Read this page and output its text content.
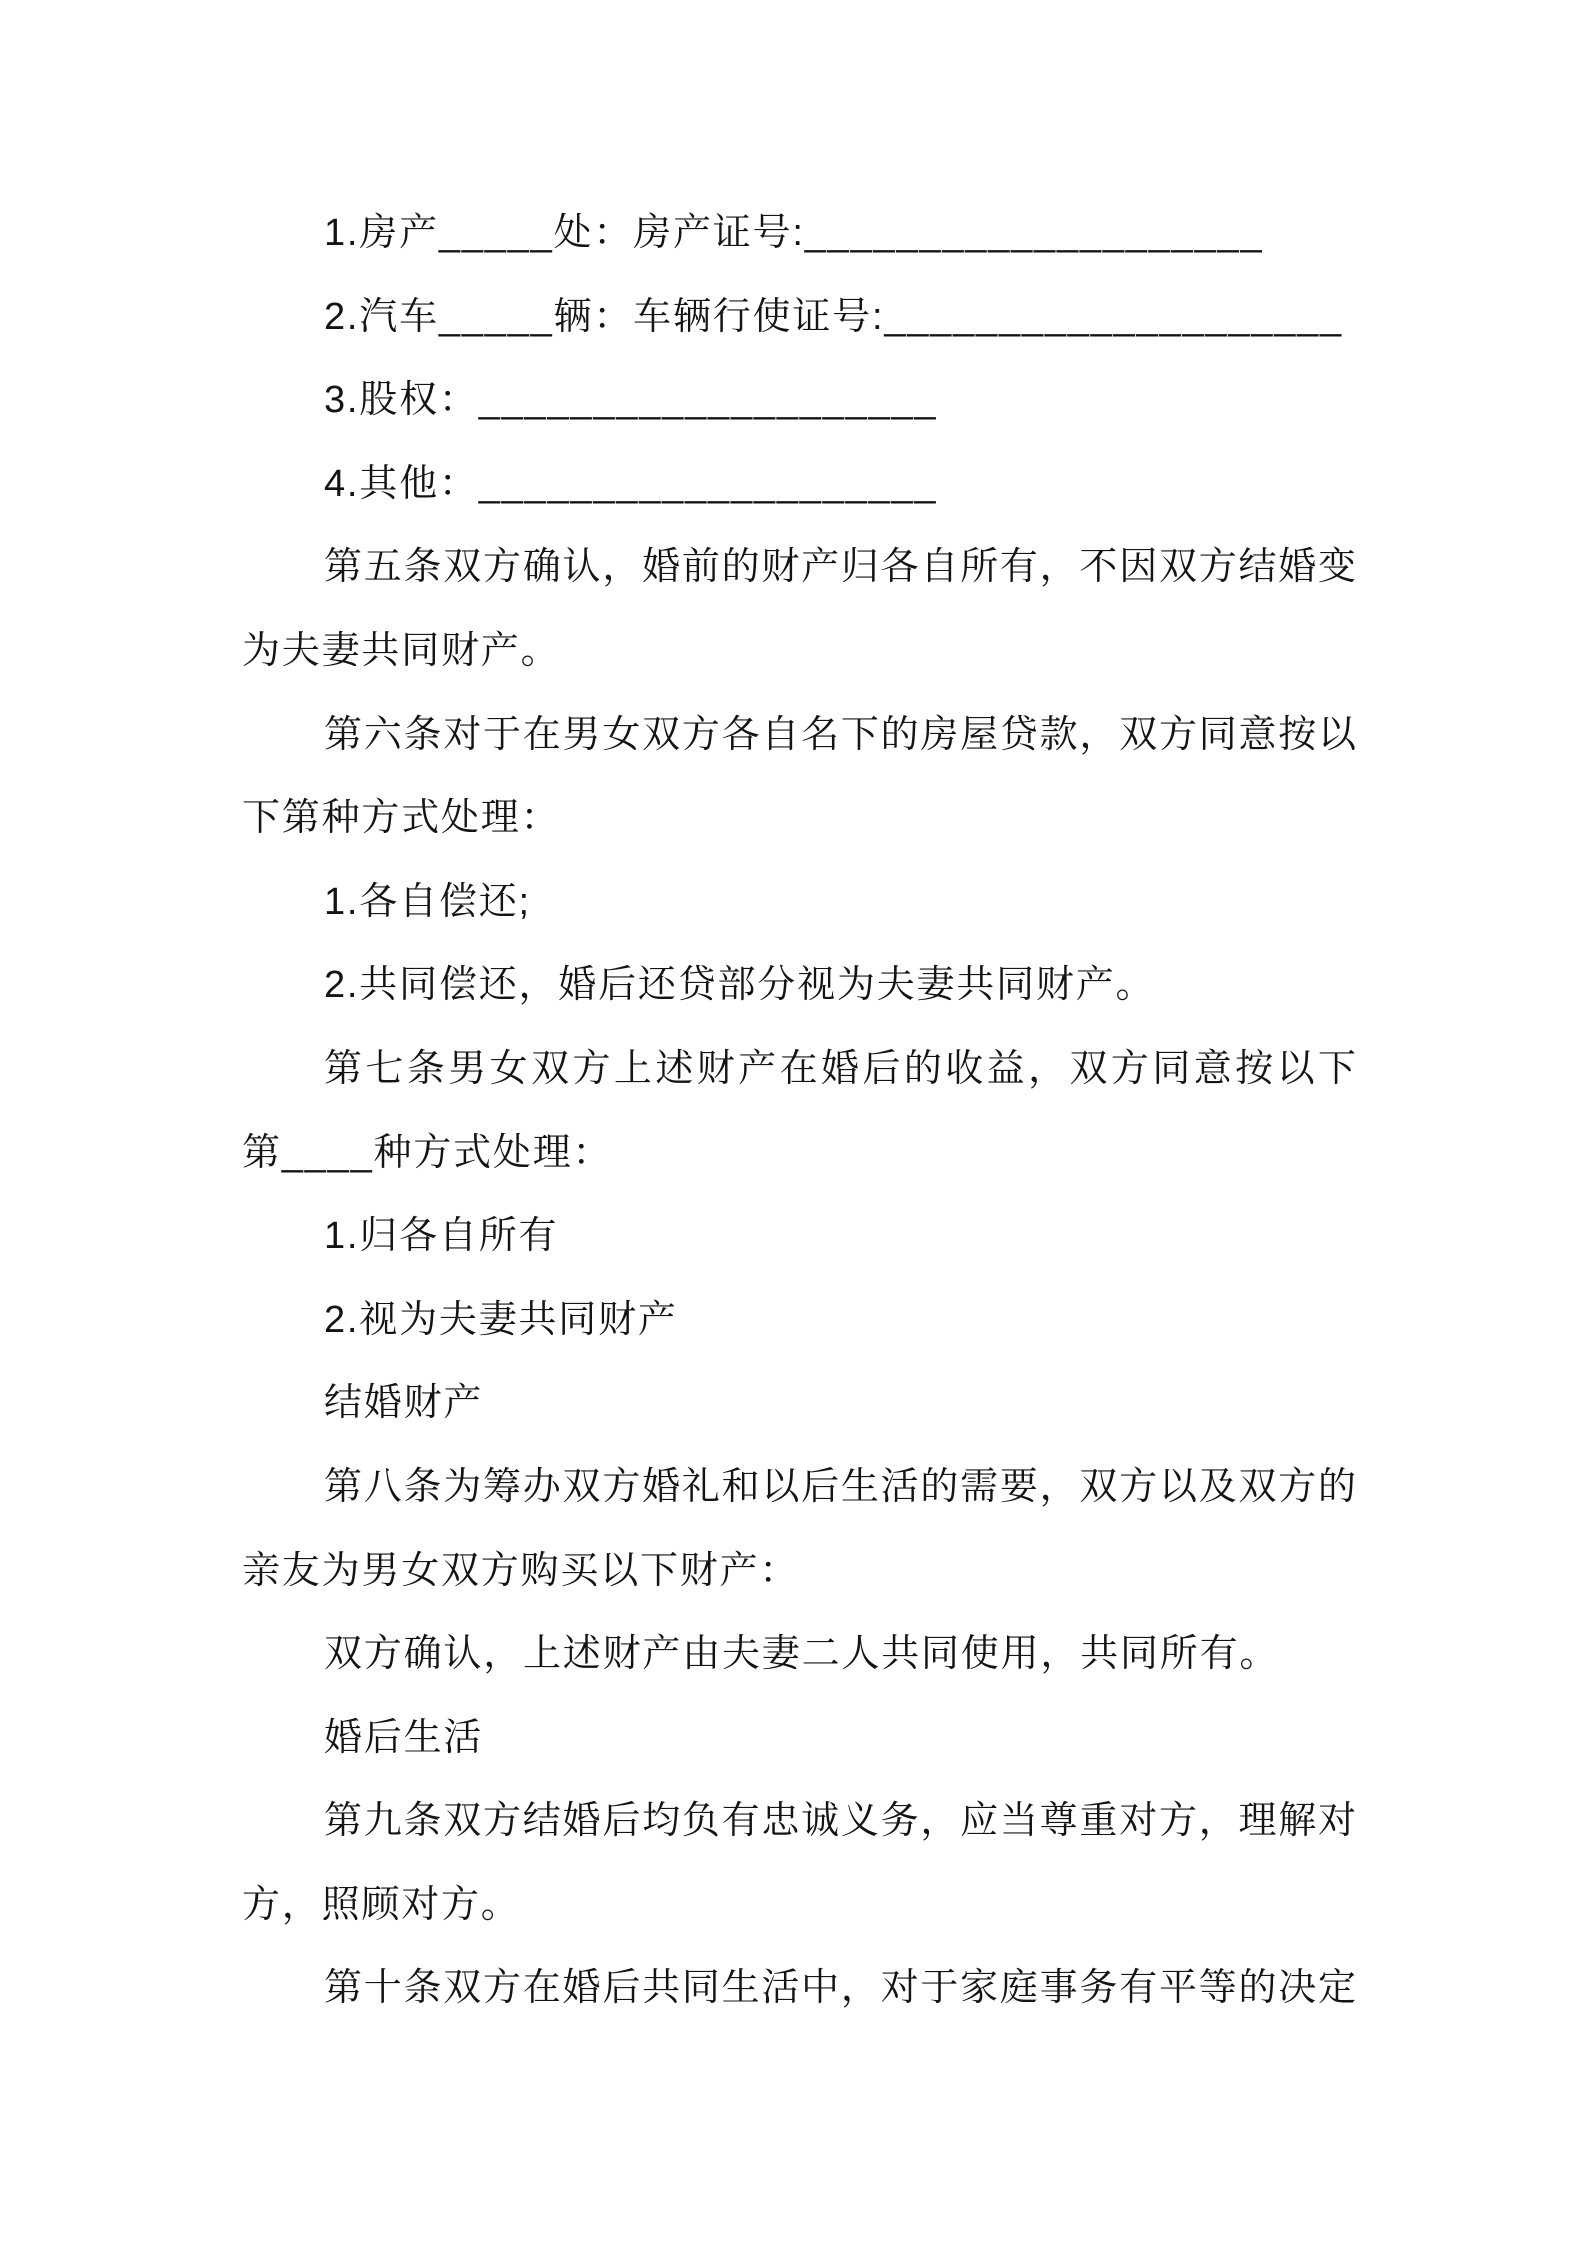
1.房产_____处：房产证号:____________________
2.汽车_____辆：车辆行使证号:____________________
3.股权：____________________
4.其他：____________________
第五条双方确认，婚前的财产归各自所有，不因双方结婚变
为夫妻共同财产。
第六条对于在男女双方各自名下的房屋贷款，双方同意按以
下第种方式处理：
1.各自偿还;
2.共同偿还，婚后还贷部分视为夫妻共同财产。
第七条男女双方上述财产在婚后的收益，双方同意按以下
第____种方式处理：
1.归各自所有
2.视为夫妻共同财产
结婚财产
第八条为筹办双方婚礼和以后生活的需要，双方以及双方的
亲友为男女双方购买以下财产：
双方确认，上述财产由夫妻二人共同使用，共同所有。
婚后生活
第九条双方结婚后均负有忠诚义务，应当尊重对方，理解对
方，照顾对方。
第十条双方在婚后共同生活中，对于家庭事务有平等的决定
